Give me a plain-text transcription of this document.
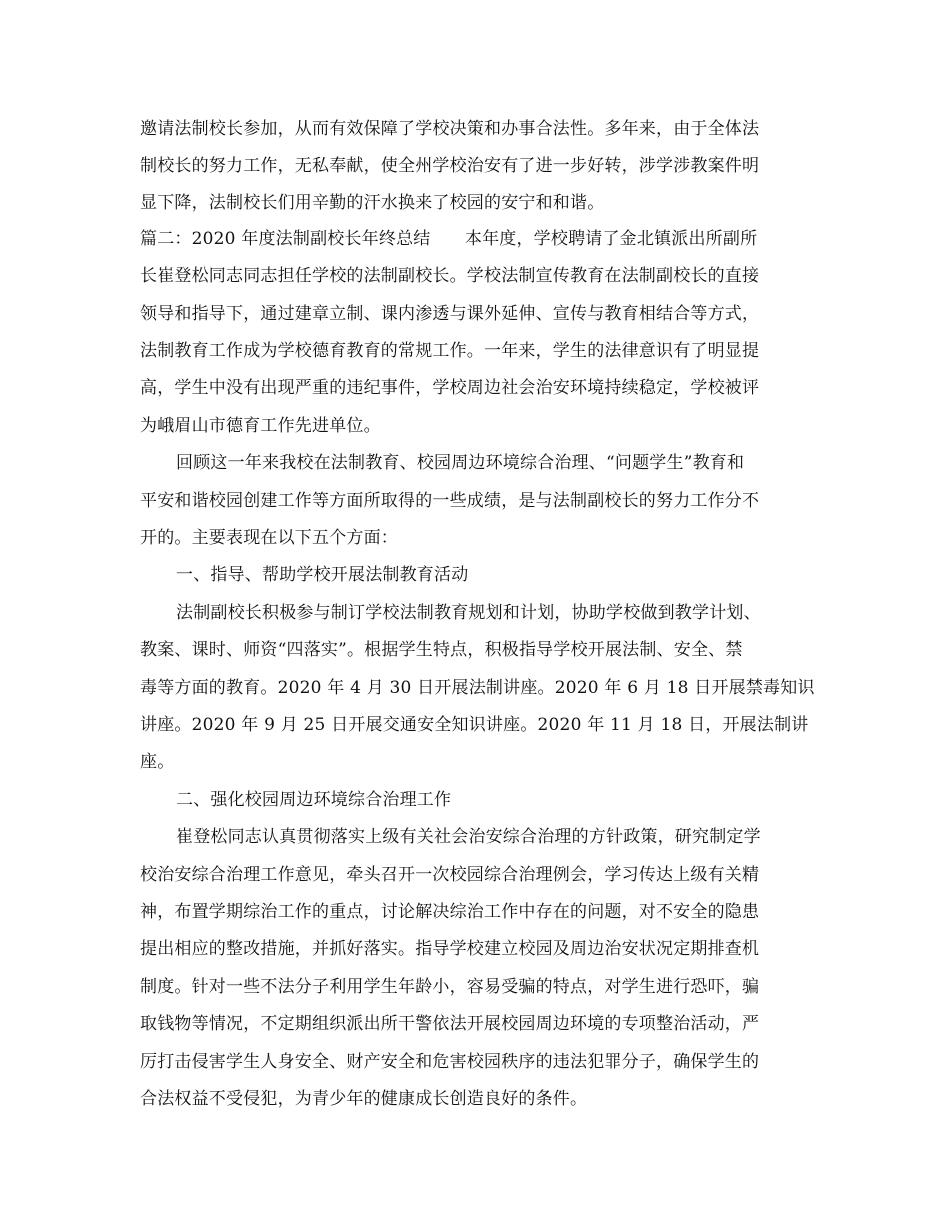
邀请法制校长参加，从而有效保障了学校决策和办事合法性。多年来，由于全体法
制校长的努力工作，无私奉献，使全州学校治安有了进一步好转，涉学涉教案件明
显下降，法制校长们用辛勤的汗水换来了校园的安宁和和谐。
篇二：2020 年度法制副校长年终总结　　本年度，学校聘请了金北镇派出所副所
长崔登松同志同志担任学校的法制副校长。学校法制宣传教育在法制副校长的直接
领导和指导下，通过建章立制、课内渗透与课外延伸、宣传与教育相结合等方式，
法制教育工作成为学校德育教育的常规工作。一年来，学生的法律意识有了明显提
高，学生中没有出现严重的违纪事件，学校周边社会治安环境持续稳定，学校被评
为峨眉山市德育工作先进单位。
回顾这一年来我校在法制教育、校园周边环境综合治理、“问题学生”教育和
平安和谐校园创建工作等方面所取得的一些成绩，是与法制副校长的努力工作分不
开的。主要表现在以下五个方面：
一、指导、帮助学校开展法制教育活动
法制副校长积极参与制订学校法制教育规划和计划，协助学校做到教学计划、
教案、课时、师资“四落实”。根据学生特点，积极指导学校开展法制、安全、禁
毒等方面的教育。2020 年 4 月 30 日开展法制讲座。2020 年 6 月 18 日开展禁毒知识
讲座。2020 年 9 月 25 日开展交通安全知识讲座。2020 年 11 月 18 日，开展法制讲
座。
二、强化校园周边环境综合治理工作
崔登松同志认真贯彻落实上级有关社会治安综合治理的方针政策，研究制定学
校治安综合治理工作意见，牵头召开一次校园综合治理例会，学习传达上级有关精
神，布置学期综治工作的重点，讨论解决综治工作中存在的问题，对不安全的隐患
提出相应的整改措施，并抓好落实。指导学校建立校园及周边治安状况定期排查机
制度。针对一些不法分子利用学生年龄小，容易受骗的特点，对学生进行恐吓，骗
取钱物等情况，不定期组织派出所干警依法开展校园周边环境的专项整治活动，严
厉打击侵害学生人身安全、财产安全和危害校园秩序的违法犯罪分子，确保学生的
合法权益不受侵犯，为青少年的健康成长创造良好的条件。
